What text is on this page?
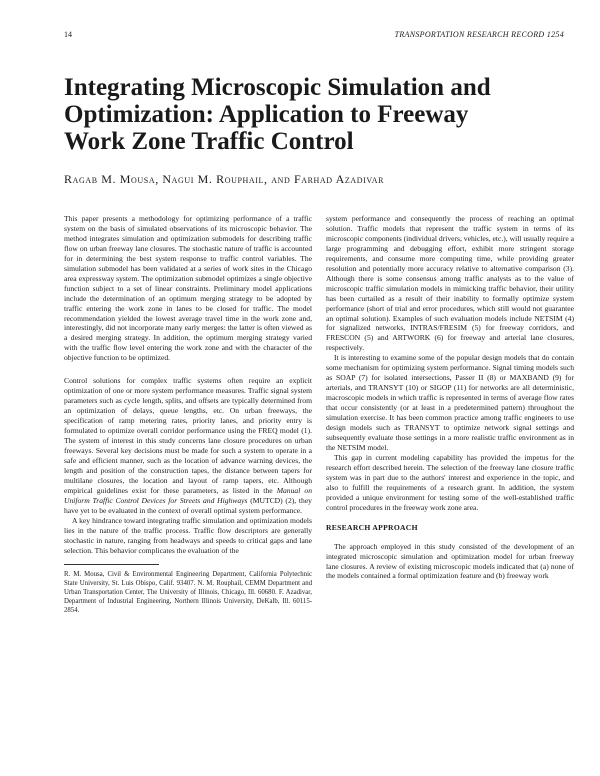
14	TRANSPORTATION RESEARCH RECORD 1254
Integrating Microscopic Simulation and
Optimization: Application to Freeway
Work Zone Traffic Control
Ragab M. Mousa, Nagui M. Rouphail, and Farhad Azadivar

This paper presents a methodology for optimizing performance of a traffic system on the basis of simulated observations of its microscopic behavior. The method integrates simulation and optimization submodels for describing traffic flow on urban freeway lane closures. The stochastic nature of traffic is accounted for in determining the best system response to traffic control variables. The simulation submodel has been validated at a series of work sites in the Chicago area expressway system. The optimization submodel optimizes a single objective function subject to a set of linear constraints. Preliminary model applications include the determination of an optimum merging strategy to be adopted by traffic entering the work zone in lanes to be closed for traffic. The model recommendation yielded the lowest average travel time in the work zone and, interestingly, did not incorporate many early merges: the latter is often viewed as a desired merging strategy. In addition, the optimum merging strategy varied with the traffic flow level entering the work zone and with the character of the objective function to be optimized.

Control solutions for complex traffic systems often require an explicit optimization of one or more system performance measures. Traffic signal system parameters such as cycle length, splits, and offsets are typically determined from an optimization of delays, queue lengths, etc. On urban freeways, the specification of ramp metering rates, priority lanes, and priority entry is formulated to optimize overall corridor performance using the FREQ model (1). The system of interest in this study concerns lane closure procedures on urban freeways. Several key decisions must be made for such a system to operate in a safe and efficient manner, such as the location of advance warning devices, the length and position of the construction tapes, the distance between tapers for multilane closures, the location and layout of ramp tapers, etc. Although empirical guidelines exist for these parameters, as listed in the Manual on Uniform Traffic Control Devices for Streets and Highways (MUTCD) (2), they have yet to be evaluated in the context of overall optimal system performance.

A key hindrance toward integrating traffic simulation and optimization models lies in the nature of the traffic process. Traffic flow descriptors are generally stochastic in nature, ranging from headways and speeds to critical gaps and lane selection. This behavior complicates the evaluation of the

R. M. Mousa, Civil & Environmental Engineering Department, California Polytechnic State University, St. Luis Obispo, Calif. 93407. N. M. Rouphail, CEMM Department and Urban Transportation Center, The University of Illinois, Chicago, Ill. 60680. F. Azadivar, Department of Industrial Engineering, Northern Illinois University, DeKalb, Ill. 60115-2854.

system performance and consequently the process of reaching an optimal solution. Traffic models that represent the traffic system in terms of its microscopic components (individual drivers, vehicles, etc.), will usually require a large programming and debugging effort, exhibit more stringent storage requirements, and consume more computing time, while providing greater resolution and potentially more accuracy relative to alternative comparison (3). Although there is some consensus among traffic analysts as to the value of microscopic traffic simulation models in mimicking traffic behavior, their utility has been curtailed as a result of their inability to formally optimize system performance (short of trial and error procedures, which still would not guarantee an optimal solution). Examples of such evaluation models include NETSIM (4) for signalized networks, INTRAS/FRESIM (5) for freeway corridors, and FRESCON (5) and ARTWORK (6) for freeway and arterial lane closures, respectively.

It is interesting to examine some of the popular design models that do contain some mechanism for optimizing system performance. Signal timing models such as SOAP (7) for isolated intersections, Passer II (8) or MAXBAND (9) for arterials, and TRANSYT (10) or SIGOP (11) for networks are all deterministic, macroscopic models in which traffic is represented in terms of average flow rates that occur consistently (or at least in a predetermined pattern) throughout the simulation exercise. It has been common practice among traffic engineers to use design models such as TRANSYT to optimize network signal settings and subsequently evaluate those settings in a more realistic traffic environment as in the NETSIM model.

This gap in current modeling capability has provided the impetus for the research effort described herein. The selection of the freeway lane closure traffic system was in part due to the authors' interest and experience in the topic, and also to fulfill the requirements of a research grant. In addition, the system provided a unique environment for testing some of the well-established traffic control procedures in the freeway work zone area.

RESEARCH APPROACH

The approach employed in this study consisted of the development of an integrated microscopic simulation and optimization model for urban freeway lane closures. A review of existing microscopic models indicated that (a) none of the models contained a formal optimization feature and (b) freeway work
